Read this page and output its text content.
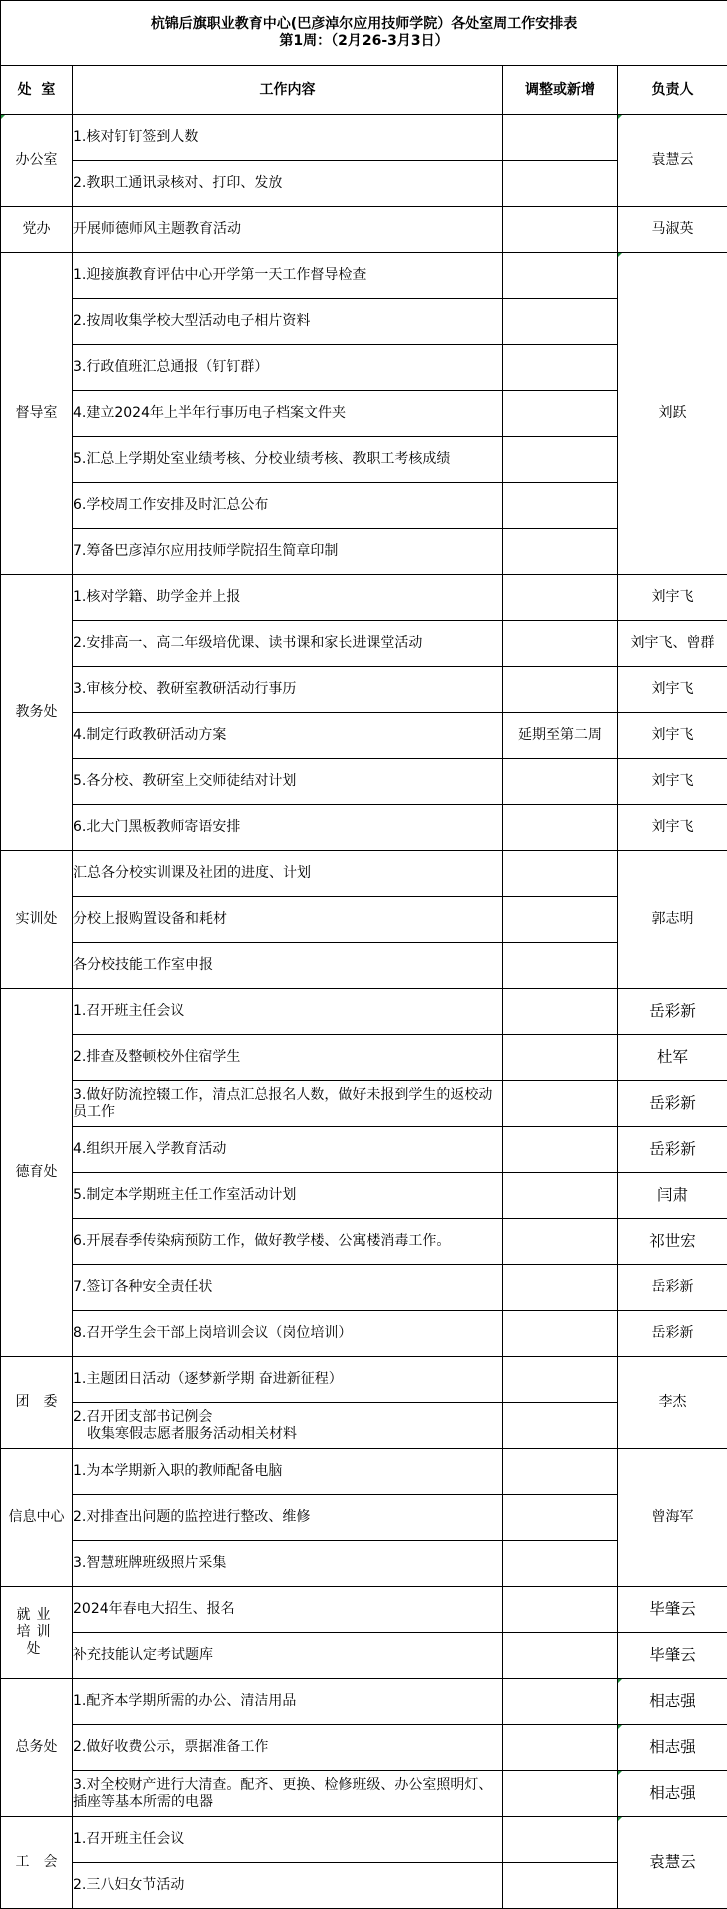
杭锦后旗职业教育中心(巴彦淖尔应用技师学院）各处室周工作安排表
第1周：（2月26-3月3日）			

处  室	工作内容	调整或新增	负责人
办公室	1.核对钉钉签到人数		袁慧云
	2.教职工通讯录核对、打印、发放		
党办	开展师德师风主题教育活动		马淑英
督导室	1.迎接旗教育评估中心开学第一天工作督导检查		刘跃
	2.按周收集学校大型活动电子相片资料		
	3.行政值班汇总通报（钉钉群）		
	4.建立2024年上半年行事历电子档案文件夹		
	5.汇总上学期处室业绩考核、分校业绩考核、教职工考核成绩		
	6.学校周工作安排及时汇总公布		
	7.筹备巴彦淖尔应用技师学院招生简章印制		
教务处	1.核对学籍、助学金并上报		刘宇飞
	2.安排高一、高二年级培优课、读书课和家长进课堂活动		刘宇飞、曾群
	3.审核分校、教研室教研活动行事历		刘宇飞
	4.制定行政教研活动方案	延期至第二周	刘宇飞
	5.各分校、教研室上交师徒结对计划		刘宇飞
	6.北大门黑板教师寄语安排		刘宇飞
实训处	汇总各分校实训课及社团的进度、计划		郭志明
	分校上报购置设备和耗材		
	各分校技能工作室申报		
德育处	1.召开班主任会议		岳彩新
	2.排查及整顿校外住宿学生		杜军
	3.做好防流控辍工作，清点汇总报名人数，做好未报到学生的返校动员工作		岳彩新
	4.组织开展入学教育活动		岳彩新
	5.制定本学期班主任工作室活动计划		闫肃
	6.开展春季传染病预防工作，做好教学楼、公寓楼消毒工作。		祁世宏
	7.签订各种安全责任状		岳彩新
	8.召开学生会干部上岗培训会议（岗位培训）		岳彩新
团委	1.主题团日活动（逐梦新学期 奋进新征程）		李杰

	2.召开团支部书记例会
收集寒假志愿者服务活动相关材料		

信息中心	1.为本学期新入职的教师配备电脑		曾海军
	2.对排查出问题的监控进行整改、维修		
	3.智慧班牌班级照片采集		
就业培训处	2024年春电大招生、报名		毕肇云
	补充技能认定考试题库		毕肇云
总务处	1.配齐本学期所需的办公、清洁用品		相志强
	2.做好收费公示，票据准备工作		相志强
	3.对全校财产进行大清查。配齐、更换、检修班级、办公室照明灯、插座等基本所需的电器		相志强
工会	1.召开班主任会议		袁慧云
	2.三八妇女节活动		
